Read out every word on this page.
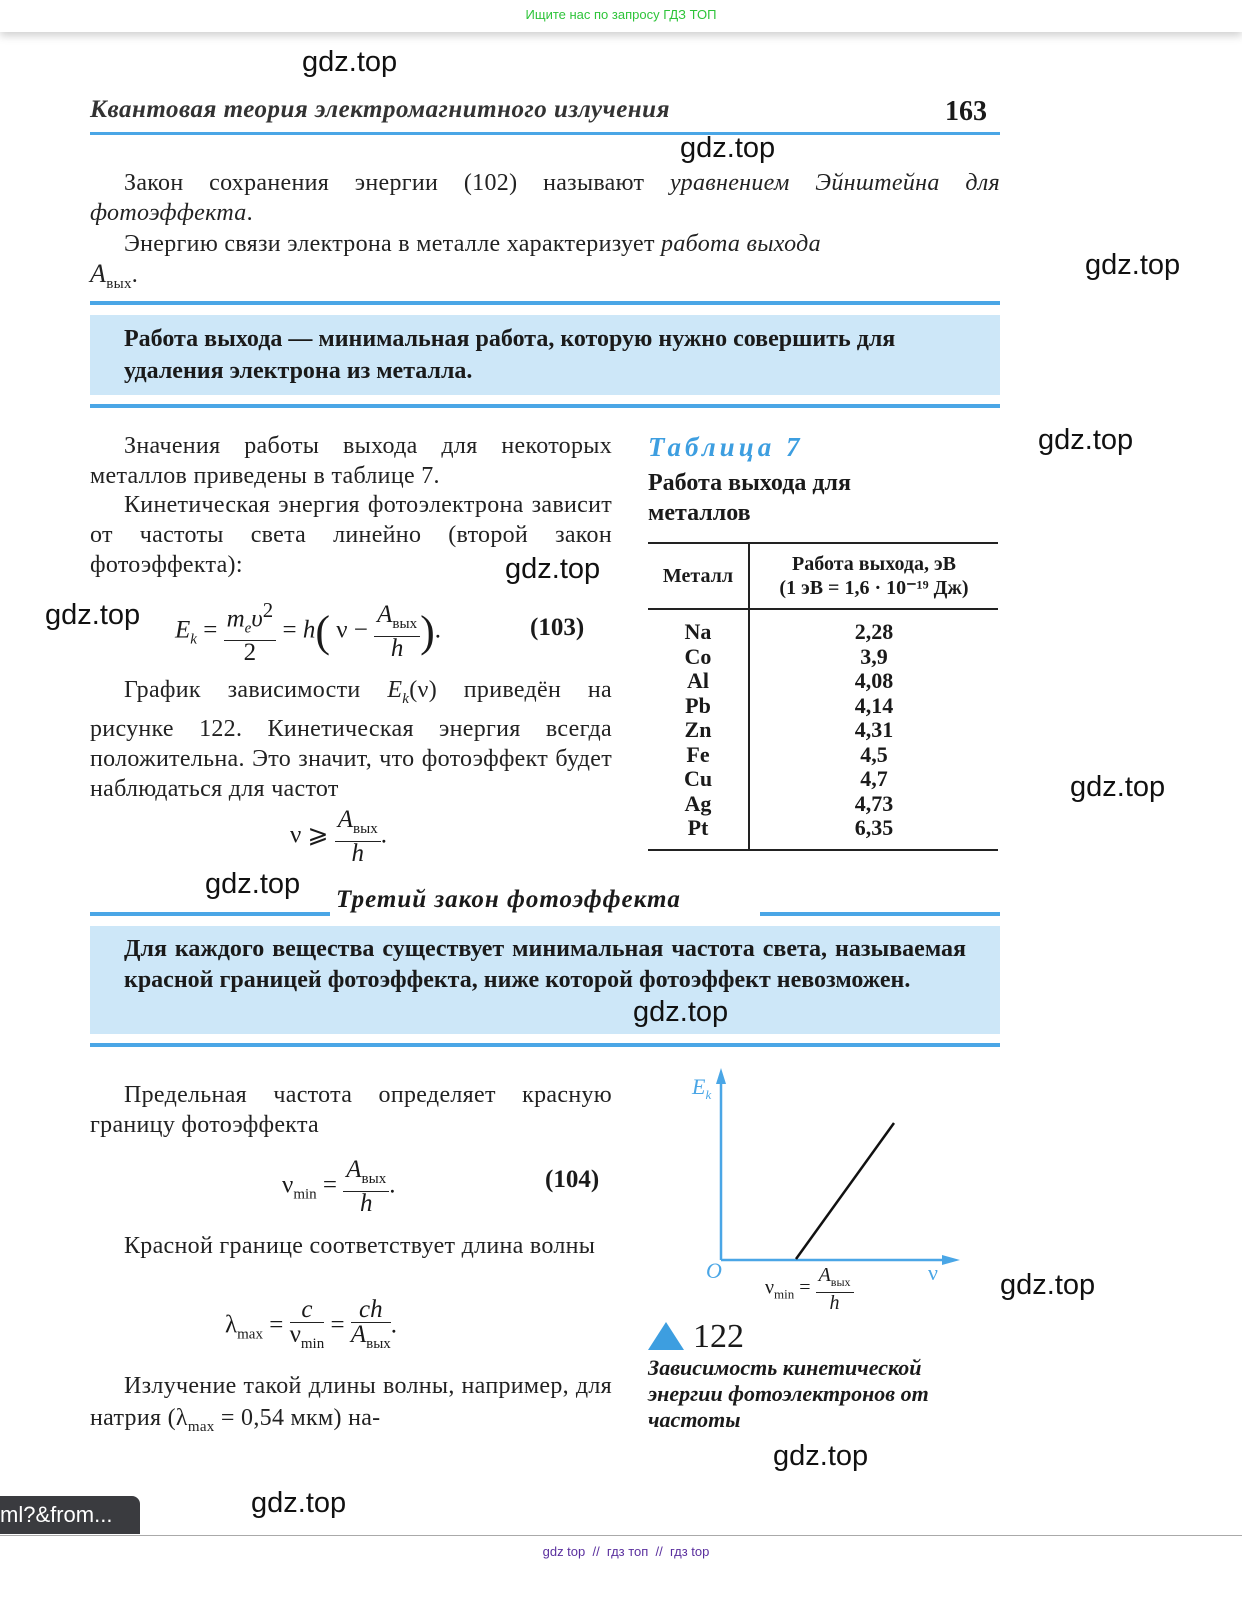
Ищите нас по запросу ГДЗ ТОП
gdz.top
gdz.top
gdz.top
gdz.top
gdz.top
gdz.top
gdz.top
gdz.top
gdz.top
gdz.top
gdz.top
gdz.top
Квантовая теория электромагнитного излучения	163
Закон сохранения энергии (102) называют уравнением Эйнштейна для фотоэффекта.
Энергию связи электрона в металле характеризует работа выхода
$A_{вых}$.
Работа выхода — минимальная работа, которую нужно совершить для удаления электрона из металла.
Значения работы выхода для некоторых металлов приведены в таблице 7.
Кинетическая энергия фотоэлектрона зависит от частоты света линейно (второй закон фотоэффекта):
$E_k = \frac{m_e\upsilon^2}{2} = h$( $\nu - \frac{A_{вых}}{h}$ ).	(103)
График зависимости $E_k(\nu)$ приведён на рисунке 122. Кинетическая энергия всегда положительна. Это значит, что фотоэффект будет наблюдаться для частот
ν ⩾ $\frac{A_{вых}}{h}$ .
Таблица 7
Работа выхода для металлов
Металл	Работа выхода, эВ
(1 эВ = 1,6 · 10⁻¹⁹ Дж)
Na	2,28
Co	3,9
Al	4,08
Pb	4,14
Zn	4,31
Fe	4,5
Cu	4,7
Ag	4,73
Pt	6,35
Третий закон фотоэффекта
Для каждого вещества существует минимальная частота света, называемая красной границей фотоэффекта, ниже которой фотоэффект невозможен.
Предельная частота определяет красную границу фотоэффекта
$\nu_{min} = \frac{A_{вых}}{h}$ .	(104)
Красной границе соответствует длина волны
$\lambda_{max} = \frac{c}{\nu_{min}} = \frac{ch}{A_{вых}}$ .
Излучение такой длины волны, например, для натрия ($\lambda_{max} = 0,54$ мкм) на-
$E_k$
O	ν
$\nu_{min} = \frac{A_{вых}}{h}$
122
Зависимость кинетической энергии фотоэлектронов от частоты
ml?&from...
gdz top  //  гдз топ  //  гдз top
